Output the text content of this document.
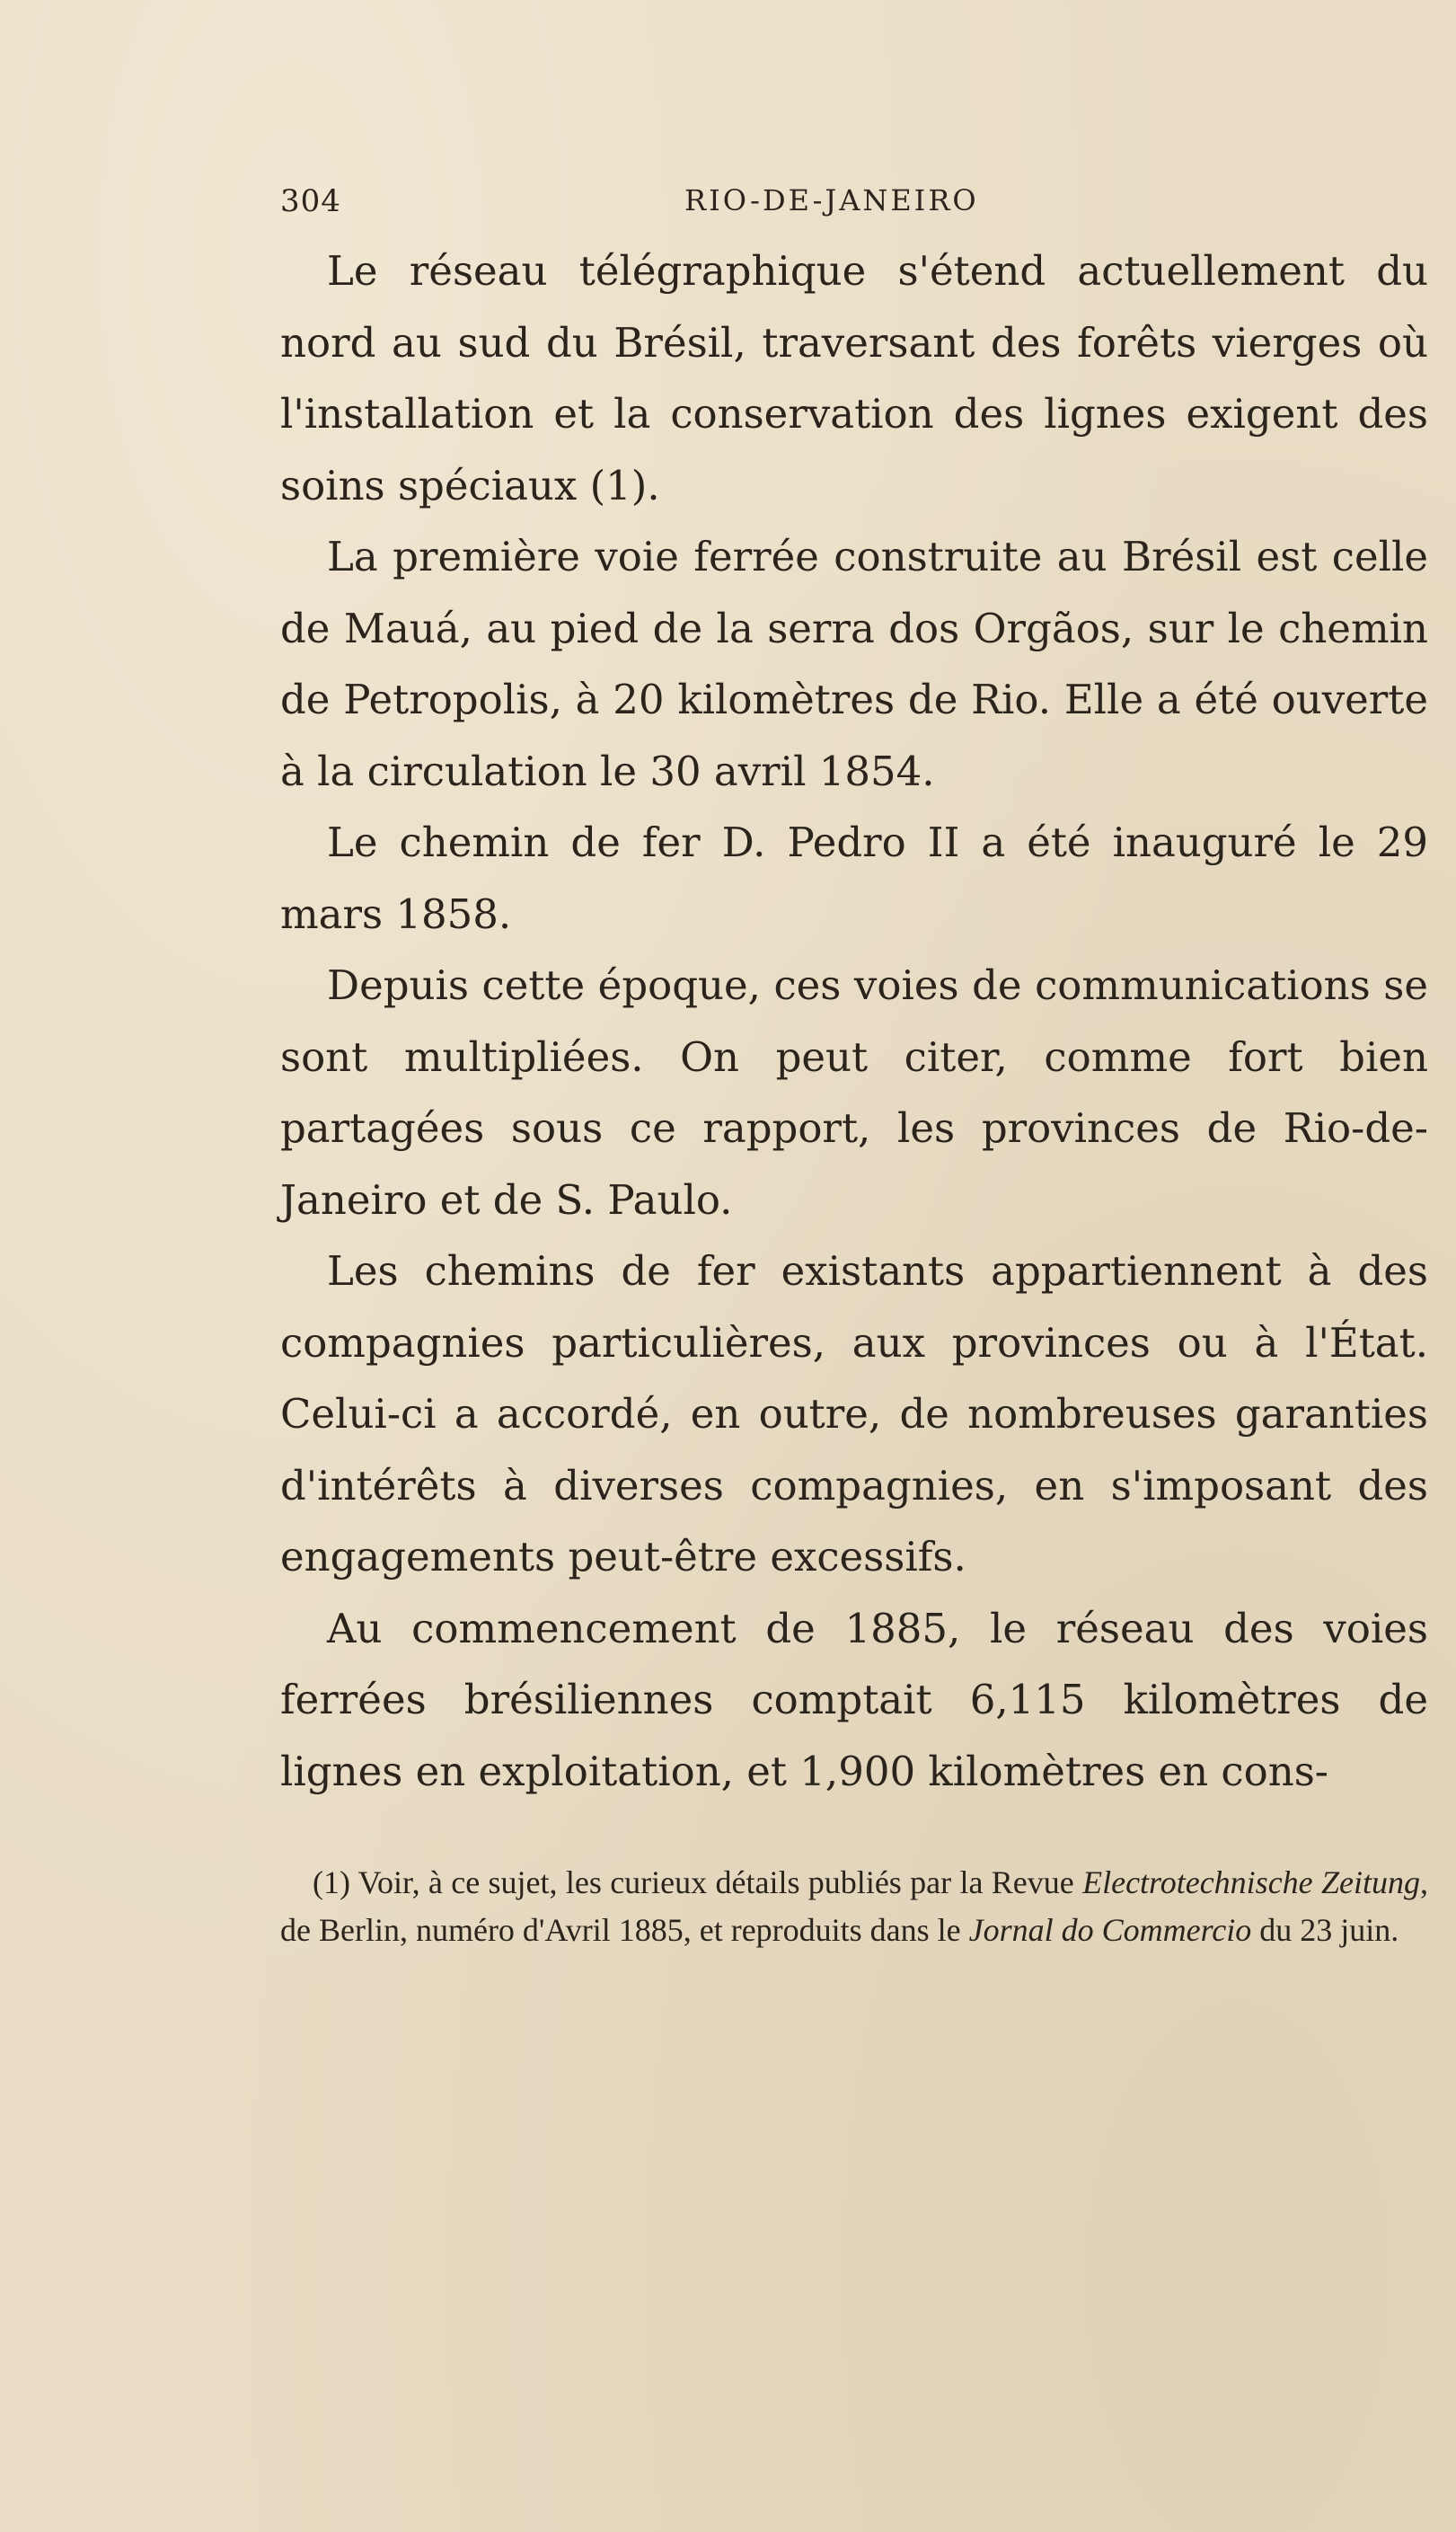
304	RIO-DE-JANEIRO

Le réseau télégraphique s'étend actuellement du nord au sud du Brésil, traversant des forêts vierges où l'installation et la conservation des lignes exigent des soins spéciaux (1).

La première voie ferrée construite au Brésil est celle de Mauá, au pied de la serra dos Orgãos, sur le chemin de Petropolis, à 20 kilomètres de Rio. Elle a été ouverte à la circulation le 30 avril 1854.

Le chemin de fer D. Pedro II a été inauguré le 29 mars 1858.

Depuis cette époque, ces voies de communications se sont multipliées. On peut citer, comme fort bien partagées sous ce rapport, les provinces de Rio-de-Janeiro et de S. Paulo.

Les chemins de fer existants appartiennent à des compagnies particulières, aux provinces ou à l'État. Celui-ci a accordé, en outre, de nombreuses garanties d'intérêts à diverses compagnies, en s'imposant des engagements peut-être excessifs.

Au commencement de 1885, le réseau des voies ferrées brésiliennes comptait 6,115 kilomètres de lignes en exploitation, et 1,900 kilomètres en cons-

(1) Voir, à ce sujet, les curieux détails publiés par la Revue Electrotechnische Zeitung, de Berlin, numéro d'Avril 1885, et reproduits dans le Jornal do Commercio du 23 juin.
